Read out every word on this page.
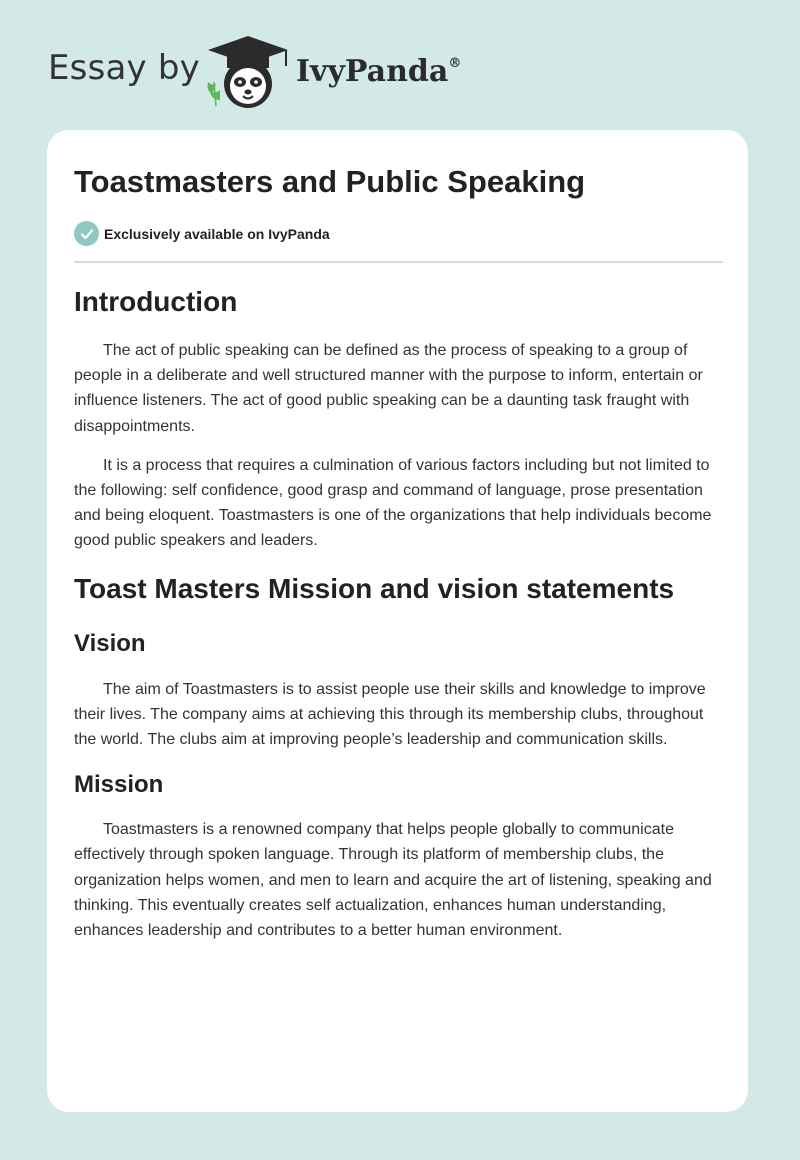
Essay by	IvyPanda®
Toastmasters and Public Speaking
Exclusively available on IvyPanda
Introduction

The act of public speaking can be defined as the process of speaking to a group of people in a deliberate and well structured manner with the purpose to inform, entertain or influence listeners. The act of good public speaking can be a daunting task fraught with disappointments.

It is a process that requires a culmination of various factors including but not limited to the following: self confidence, good grasp and command of language, prose presentation and being eloquent. Toastmasters is one of the organizations that help individuals become good public speakers and leaders.

Toast Masters Mission and vision statements
Vision

The aim of Toastmasters is to assist people use their skills and knowledge to improve their lives. The company aims at achieving this through its membership clubs, throughout the world. The clubs aim at improving people’s leadership and communication skills.

Mission

Toastmasters is a renowned company that helps people globally to communicate effectively through spoken language. Through its platform of membership clubs, the organization helps women, and men to learn and acquire the art of listening, speaking and thinking. This eventually creates self actualization, enhances human understanding, enhances leadership and contributes to a better human environment.
